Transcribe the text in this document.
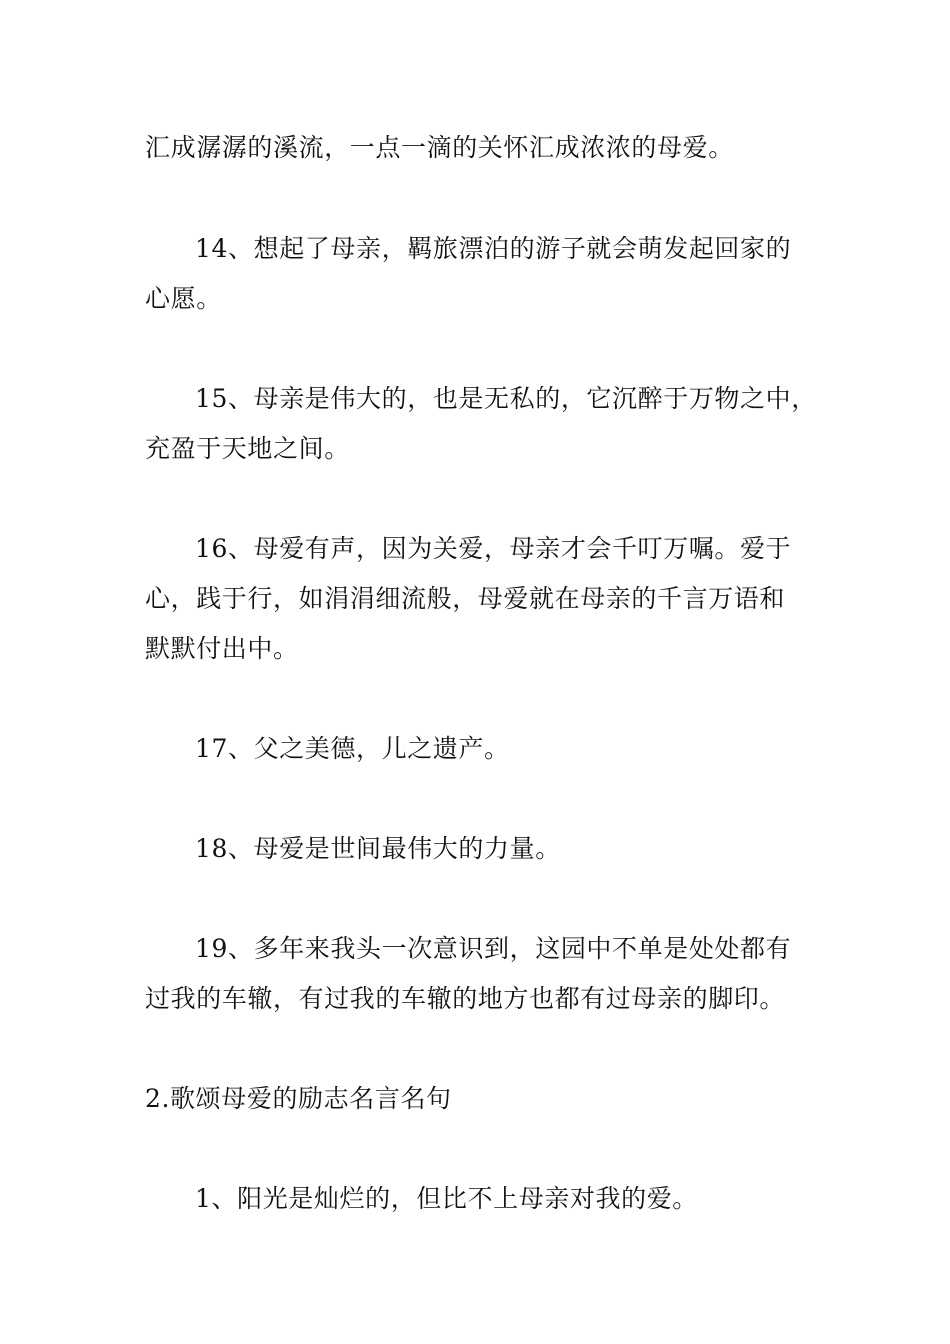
汇成潺潺的溪流，一点一滴的关怀汇成浓浓的母爱。
14、想起了母亲，羁旅漂泊的游子就会萌发起回家的
心愿。
15、母亲是伟大的，也是无私的，它沉醉于万物之中，
充盈于天地之间。
16、母爱有声，因为关爱，母亲才会千叮万嘱。爱于
心，践于行，如涓涓细流般，母爱就在母亲的千言万语和
默默付出中。
17、父之美德，儿之遗产。
18、母爱是世间最伟大的力量。
19、多年来我头一次意识到，这园中不单是处处都有
过我的车辙，有过我的车辙的地方也都有过母亲的脚印。
2.歌颂母爱的励志名言名句
1、阳光是灿烂的，但比不上母亲对我的爱。
